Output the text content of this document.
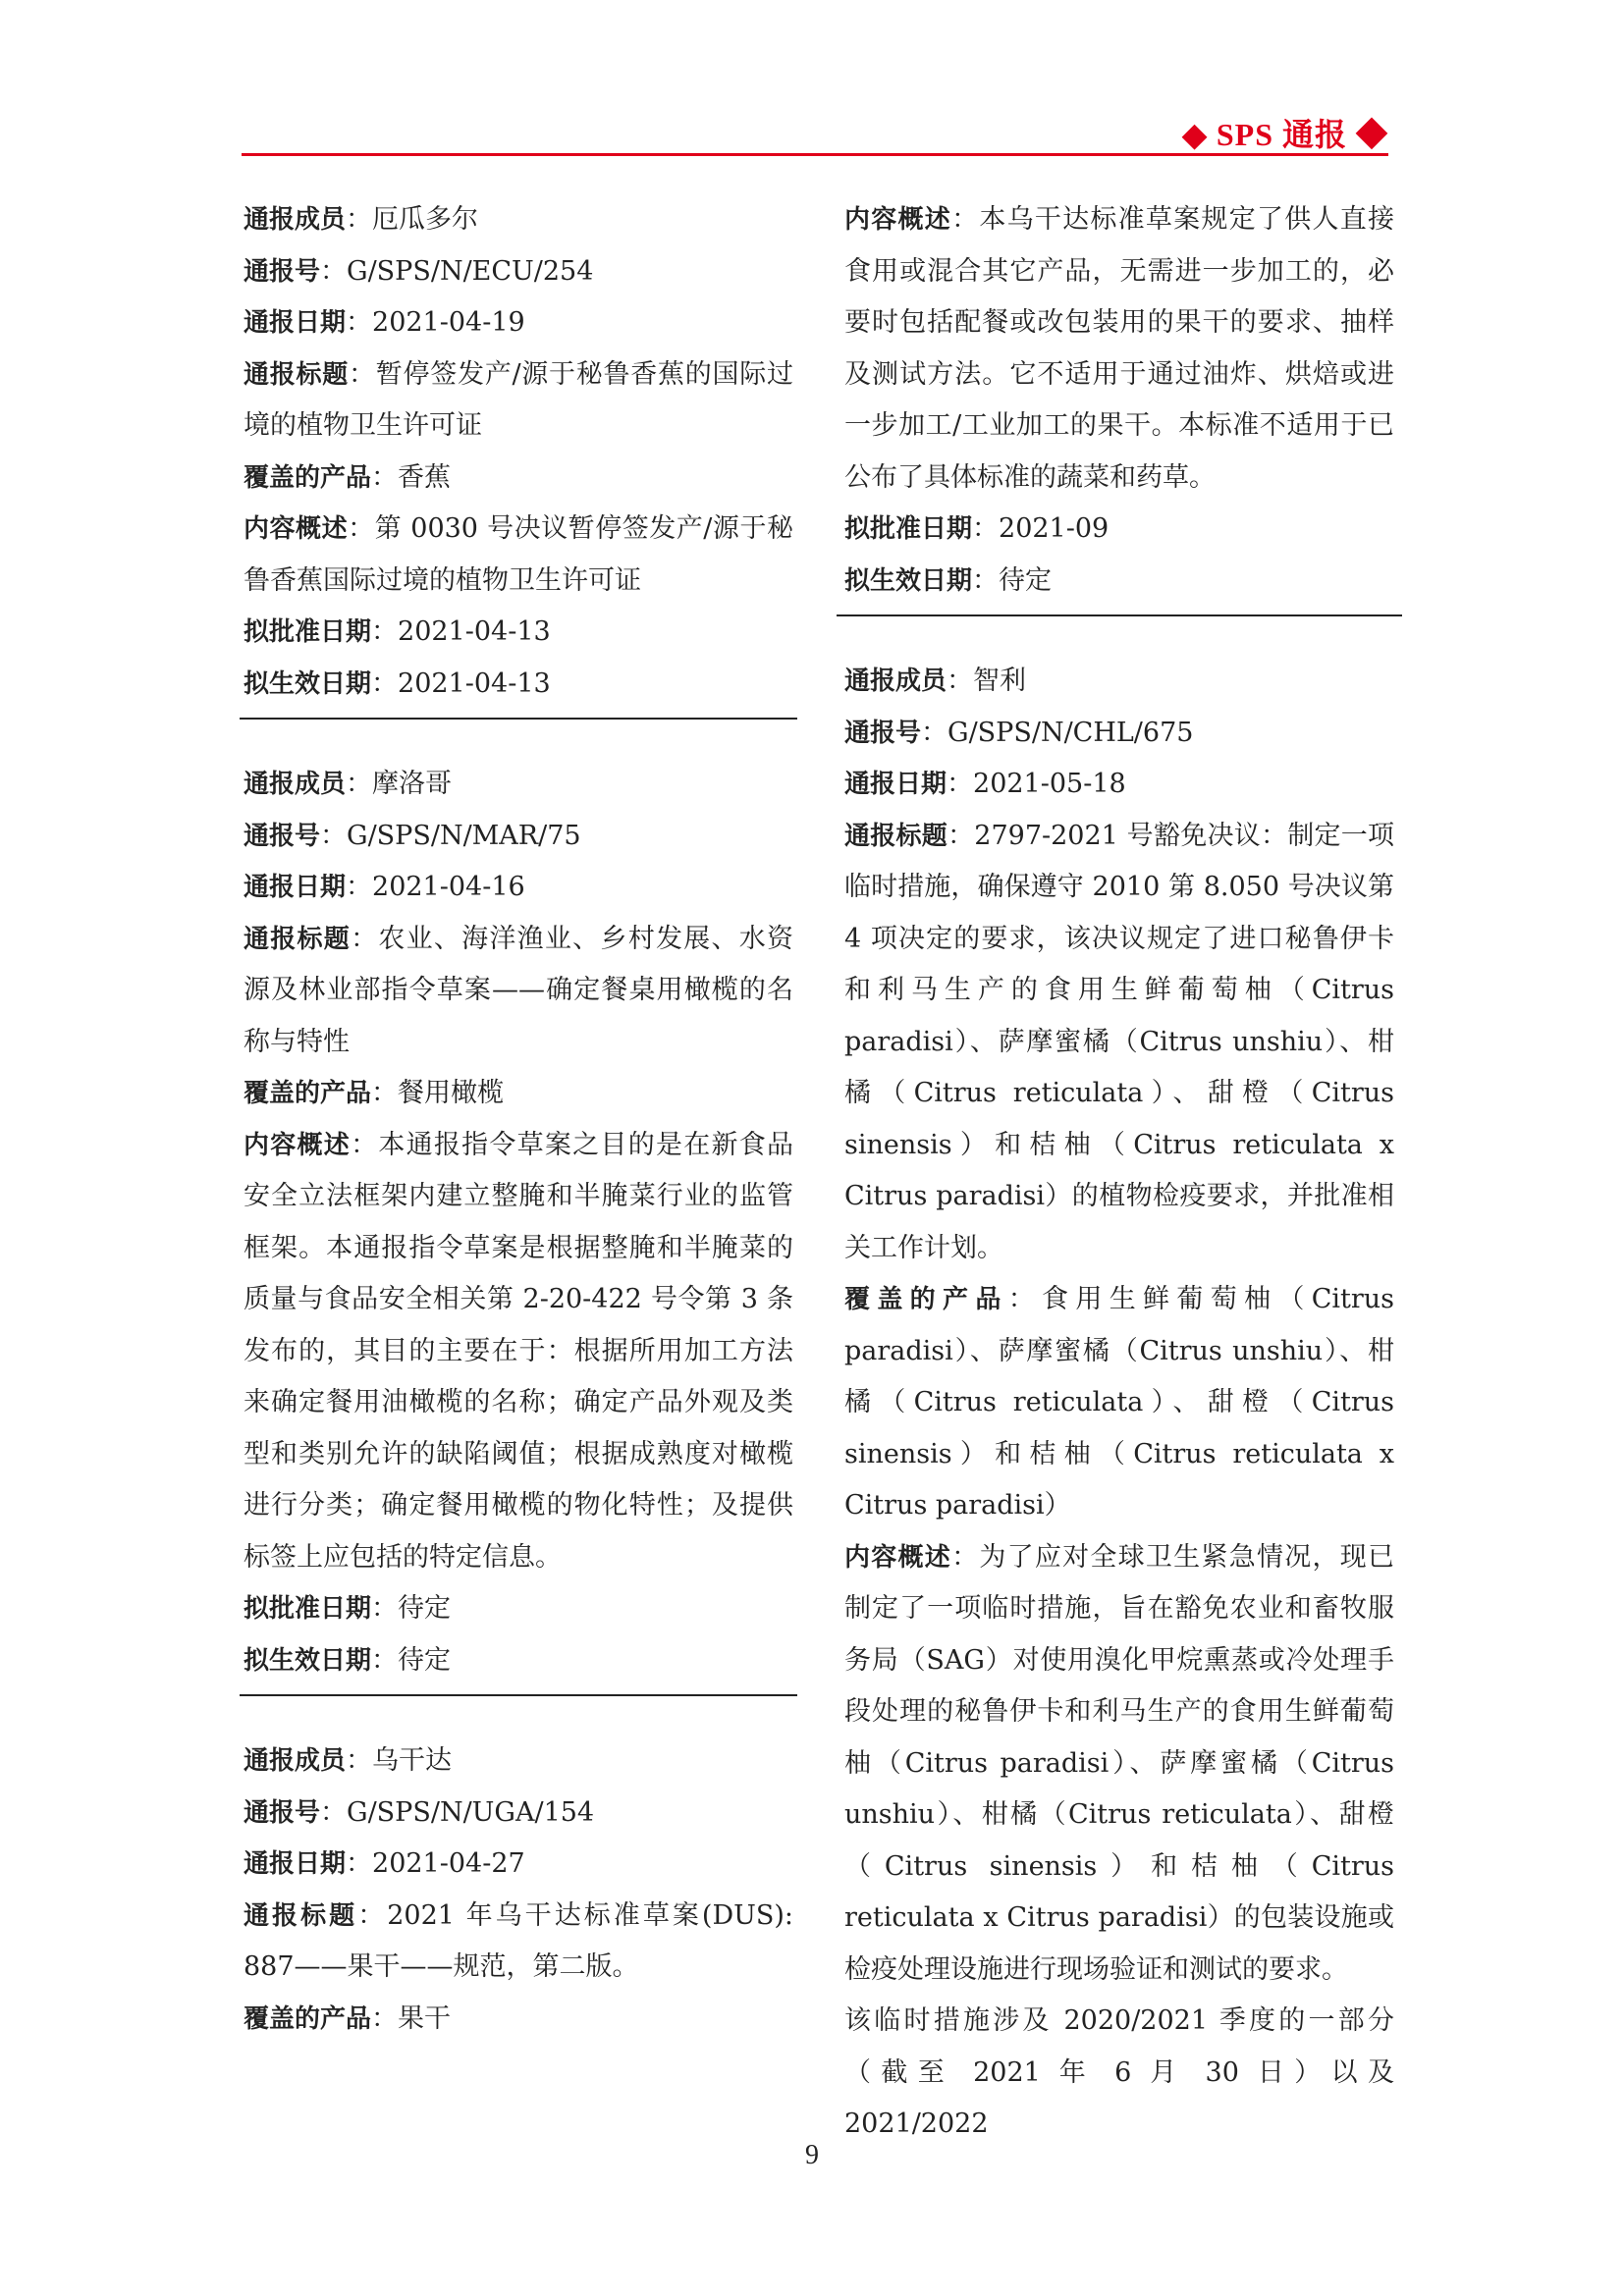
◆ SPS 通报 ◆

通报成员：厄瓜多尔

通报号：G/SPS/N/ECU/254

通报日期：2021-04-19

通报标题：暂停签发产/源于秘鲁香蕉的国际过境的植物卫生许可证

覆盖的产品：香蕉

内容概述：第 0030 号决议暂停签发产/源于秘鲁香蕉国际过境的植物卫生许可证

拟批准日期：2021-04-13

拟生效日期：2021-04-13

通报成员：摩洛哥

通报号：G/SPS/N/MAR/75

通报日期：2021-04-16

通报标题：农业、海洋渔业、乡村发展、水资源及林业部指令草案——确定餐桌用橄榄的名称与特性

覆盖的产品：餐用橄榄

内容概述：本通报指令草案之目的是在新食品安全立法框架内建立整腌和半腌菜行业的监管框架。本通报指令草案是根据整腌和半腌菜的质量与食品安全相关第 2-20-422 号令第 3 条发布的，其目的主要在于：根据所用加工方法来确定餐用油橄榄的名称；确定产品外观及类型和类别允许的缺陷阈值；根据成熟度对橄榄进行分类；确定餐用橄榄的物化特性；及提供标签上应包括的特定信息。

拟批准日期：待定

拟生效日期：待定

通报成员：乌干达

通报号：G/SPS/N/UGA/154

通报日期：2021-04-27

通报标题：2021 年乌干达标准草案(DUS): 887——果干——规范，第二版。

覆盖的产品：果干

内容概述：本乌干达标准草案规定了供人直接食用或混合其它产品，无需进一步加工的，必要时包括配餐或改包装用的果干的要求、抽样及测试方法。它不适用于通过油炸、烘焙或进一步加工/工业加工的果干。本标准不适用于已公布了具体标准的蔬菜和药草。

拟批准日期：2021-09

拟生效日期：待定

通报成员：智利

通报号：G/SPS/N/CHL/675

通报日期：2021-05-18

通报标题：2797-2021 号豁免决议：制定一项临时措施，确保遵守 2010 第 8.050 号决议第 4 项决定的要求，该决议规定了进口秘鲁伊卡和利马生产的食用生鲜葡萄柚（Citrus paradisi）、萨摩蜜橘（Citrus unshiu）、柑橘（Citrus reticulata）、甜橙（Citrus sinensis）和桔柚（Citrus reticulata x Citrus paradisi）的植物检疫要求，并批准相关工作计划。

覆盖的产品：食用生鲜葡萄柚（Citrus paradisi）、萨摩蜜橘（Citrus unshiu）、柑橘（Citrus reticulata）、甜橙（Citrus sinensis）和桔柚（Citrus reticulata x Citrus paradisi）

内容概述：为了应对全球卫生紧急情况，现已制定了一项临时措施，旨在豁免农业和畜牧服务局（SAG）对使用溴化甲烷熏蒸或冷处理手段处理的秘鲁伊卡和利马生产的食用生鲜葡萄柚（Citrus paradisi）、萨摩蜜橘（Citrus unshiu）、柑橘（Citrus reticulata）、甜橙（Citrus sinensis）和桔柚（Citrus reticulata x Citrus paradisi）的包装设施或检疫处理设施进行现场验证和测试的要求。

该临时措施涉及 2020/2021 季度的一部分（截至 2021 年 6 月 30 日）以及 2021/2022

9
